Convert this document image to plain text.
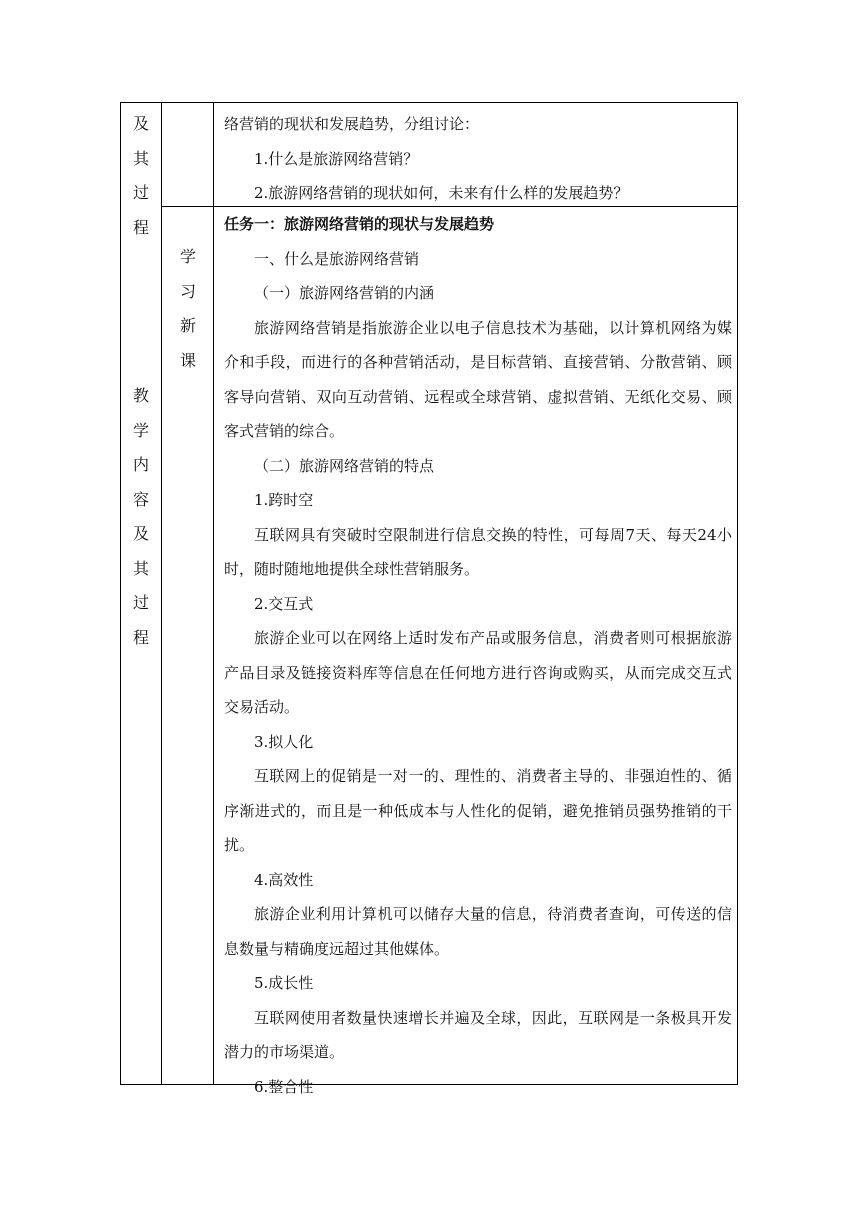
及
其
过
程
教
学
内
容
及
其
过
程
学
习
新
课

络营销的现状和发展趋势，分组讨论：

1.什么是旅游网络营销？

2.旅游网络营销的现状如何，未来有什么样的发展趋势？

任务一：旅游网络营销的现状与发展趋势

一、什么是旅游网络营销

（一）旅游网络营销的内涵

旅游网络营销是指旅游企业以电子信息技术为基础，以计算机网络为媒介和手段，而进行的各种营销活动，是目标营销、直接营销、分散营销、顾客导向营销、双向互动营销、远程或全球营销、虚拟营销、无纸化交易、顾客式营销的综合。

（二）旅游网络营销的特点

1.跨时空

互联网具有突破时空限制进行信息交换的特性，可每周7天、每天24小时，随时随地地提供全球性营销服务。

2.交互式

旅游企业可以在网络上适时发布产品或服务信息，消费者则可根据旅游产品目录及链接资料库等信息在任何地方进行咨询或购买，从而完成交互式交易活动。

3.拟人化

互联网上的促销是一对一的、理性的、消费者主导的、非强迫性的、循序渐进式的，而且是一种低成本与人性化的促销，避免推销员强势推销的干扰。

4.高效性

旅游企业利用计算机可以储存大量的信息，待消费者查询，可传送的信息数量与精确度远超过其他媒体。

5.成长性

互联网使用者数量快速增长并遍及全球，因此，互联网是一条极具开发潜力的市场渠道。

6.整合性
